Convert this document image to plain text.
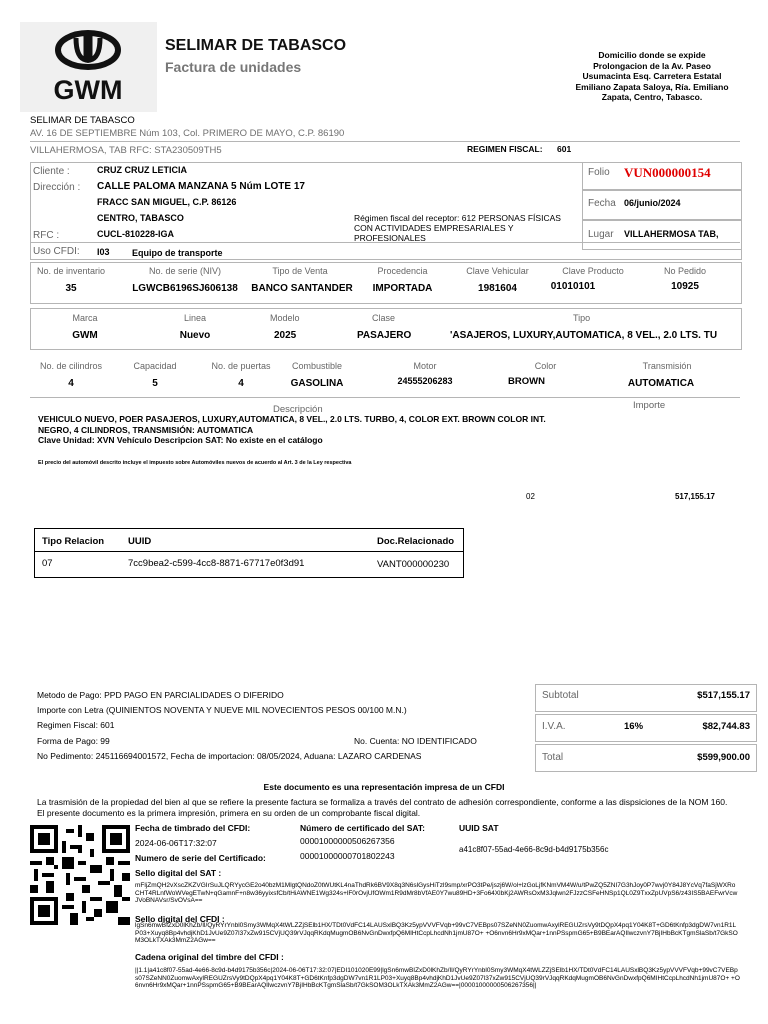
GWM
SELIMAR DE TABASCO
Factura de unidades
Domicilio donde se expide
Prolongacion de la Av. Paseo
Usumacinta Esq. Carretera Estatal
Emiliano Zapata Saloya, Ría. Emiliano
Zapata, Centro, Tabasco.
SELIMAR DE TABASCO
AV. 16 DE SEPTIEMBRE Núm 103, Col. PRIMERO DE MAYO, C.P. 86190
VILLAHERMOSA, TAB RFC: STA230509TH5	REGIMEN FISCAL: 601
Cliente :	CRUZ CRUZ LETICIA
Dirección : CALLE PALOMA MANZANA 5 Núm LOTE 17
FRACC SAN MIGUEL, C.P. 86126
CENTRO, TABASCO
RFC :	CUCL-810228-IGA
Uso CFDI: I03 Equipo de transporte
Régimen fiscal del receptor: 612 PERSONAS FÍSICAS CON ACTIVIDADES EMPRESARIALES Y PROFESIONALES
Folio VUN000000154
Fecha 06/junio/2024
Lugar VILLAHERMOSA TAB,
No. de inventario	No. de serie (NIV)	Tipo de Venta	Procedencia	Clave Vehicular	Clave Producto	No Pedido
35	LGWCB6196SJ606138	BANCO SANTANDER	IMPORTADA	1981604	01010101	10925
Marca	Linea	Modelo	Clase	Tipo
GWM	Nuevo	2025	PASAJERO	'ASAJEROS, LUXURY,AUTOMATICA, 8 VEL., 2.0 LTS. TU
No. de cilindros	Capacidad	No. de puertas	Combustible	Motor	Color	Transmisión
4	5	4	GASOLINA	24555206283	BROWN	AUTOMATICA
Descripción	Importe
VEHICULO NUEVO, POER PASAJEROS, LUXURY,AUTOMATICA, 8 VEL., 2.0 LTS. TURBO, 4, COLOR EXT. BROWN COLOR INT.
NEGRO, 4 CILINDROS, TRANSMISIÓN: AUTOMATICA
Clave Unidad: XVN Vehículo Descripcion SAT: No existe en el catálogo
El precio del automóvil descrito incluye el impuesto sobre Automóviles nuevos de acuerdo al Art. 3 de la Ley respectiva
02	517,155.17
Tipo Relacion	UUID	Doc.Relacionado
07	7cc9bea2-c599-4cc8-8871-67717e0f3d91	VANT000000230
Metodo de Pago: PPD PAGO EN PARCIALIDADES O DIFERIDO
Importe con Letra (QUINIENTOS NOVENTA Y NUEVE MIL NOVECIENTOS PESOS 00/100 M.N.)
Regimen Fiscal: 601
Forma de Pago: 99	No. Cuenta: NO IDENTIFICADO
No Pedimento: 245116694001572, Fecha de importacion: 08/05/2024, Aduana: LAZARO CARDENAS
Subtotal	$517,155.17
I.V.A.	16%	$82,744.83
Total	$599,900.00
Este documento es una representación impresa de un CFDI
La trasmisión de la propiedad del bien al que se refiere la presente factura se formaliza a través del contrato de adhesión correspondiente, conforme a las dispsiciones de la NOM 160. El presente documento es la primera impresión, primera en su orden de un comprobante fiscal digital.
Fecha de timbrado del CFDI:
2024-06-06T17:32:07
Número de certificado del SAT:
00001000000506267356
UUID SAT
a41c8f07-55ad-4e66-8c9d-b4d9175b356c
Numero de serie del Certificado:	00001000000701802243
Sello digital del SAT :
mFljZmQH2vXscZKZVGIrSuJLQRYycGE2o40bzM1MlgtQNdoZ0tWUtKL4naThdRk6BV9X8q3N6slGysHiTzl9smp/xrPO3tPe/jszj6W/ol+lzGoLjfKNmVM4W/u/tPwZQ5ZNI7G3hJoy0P7wvj0Y84J8YcVq7faSjWXRoCHT4RLnfWoWVegETwN+qGamnF+n8w36yyixsfCb/tHiAWNE1Wg324s+lF0rOvjUfOWm1R9dMr8bVfAE0Y7wu89HD+3Fo64XlbKj2AWRsOxM3Jqlwn2FJzzCSFeHNSp1QL0Z9TxxZpUVpS6/z43IS5BAEFwrVcwJVoBNAVsr/SvOVsA==
Sello digital del CFDI :
lgSn6mwBIZxD0lKhZb/Il/QyRYrYnbl0Smy3WMqX4tWLZZjSElb1HX/TDt0VdFC14LAUSxlBQ3Kz5ypVVVFVqb+99vC7VEBps07SZeNN0ZuomwAxylREGUZrsVy9tDQpX4pq1Y04K8T+GD6tKnfp3dgDW7vn1R1LP03+Xuyq8Bp4vhdjKhD1JvUe9Z07l37xZw915CVjUQ39rVJqqRKdqMugmOB6NvGnDwxfpQ6MIHtCcpLhcdNh1jmU87O+ +O6nvn6Hr9xMQar+1nnPSspmG65+B9BEarAQIlwczvnY7BjIHbBcKTgmSlaSb/t7GkSOM3OLkTXAk3MmZ2AGw==
Cadena original del timbre del CFDI :
||1.1|a41c8f07-55ad-4e66-8c9d-b4d9175b356c|2024-06-06T17:32:07|EDI101020E99|lgSn6mwBIZxD0lKhZb/Il/QyRYrYnbl0Smy3WMqX4tWLZZjSElb1HX/TDt0VdFC14LAUSxlBQ3Kz5ypVVVFVqb+99vC7VEBps07SZeNN0ZuomwAxylREGUZrsVy9tDQpX4pq1Y04K8T+GD6tKnfp3dgDW7vn1R1LP03+Xuyq8Bp4vhdjKhD1JvUe9Z07l37xZw915CVjUQ39rVJqqRKdqMugmOB6NvGnDwxfpQ6MIHtCcpLhcdNh1jmU87O+ +O6nvn6Hr9xMQar+1nnPSspmG65+B9BEarAQIlwczvnY7BjIHbBcKTgmSlaSb/t7GkSOM3OLkTXAk3MmZ2AGw==|00001000000506267356||
